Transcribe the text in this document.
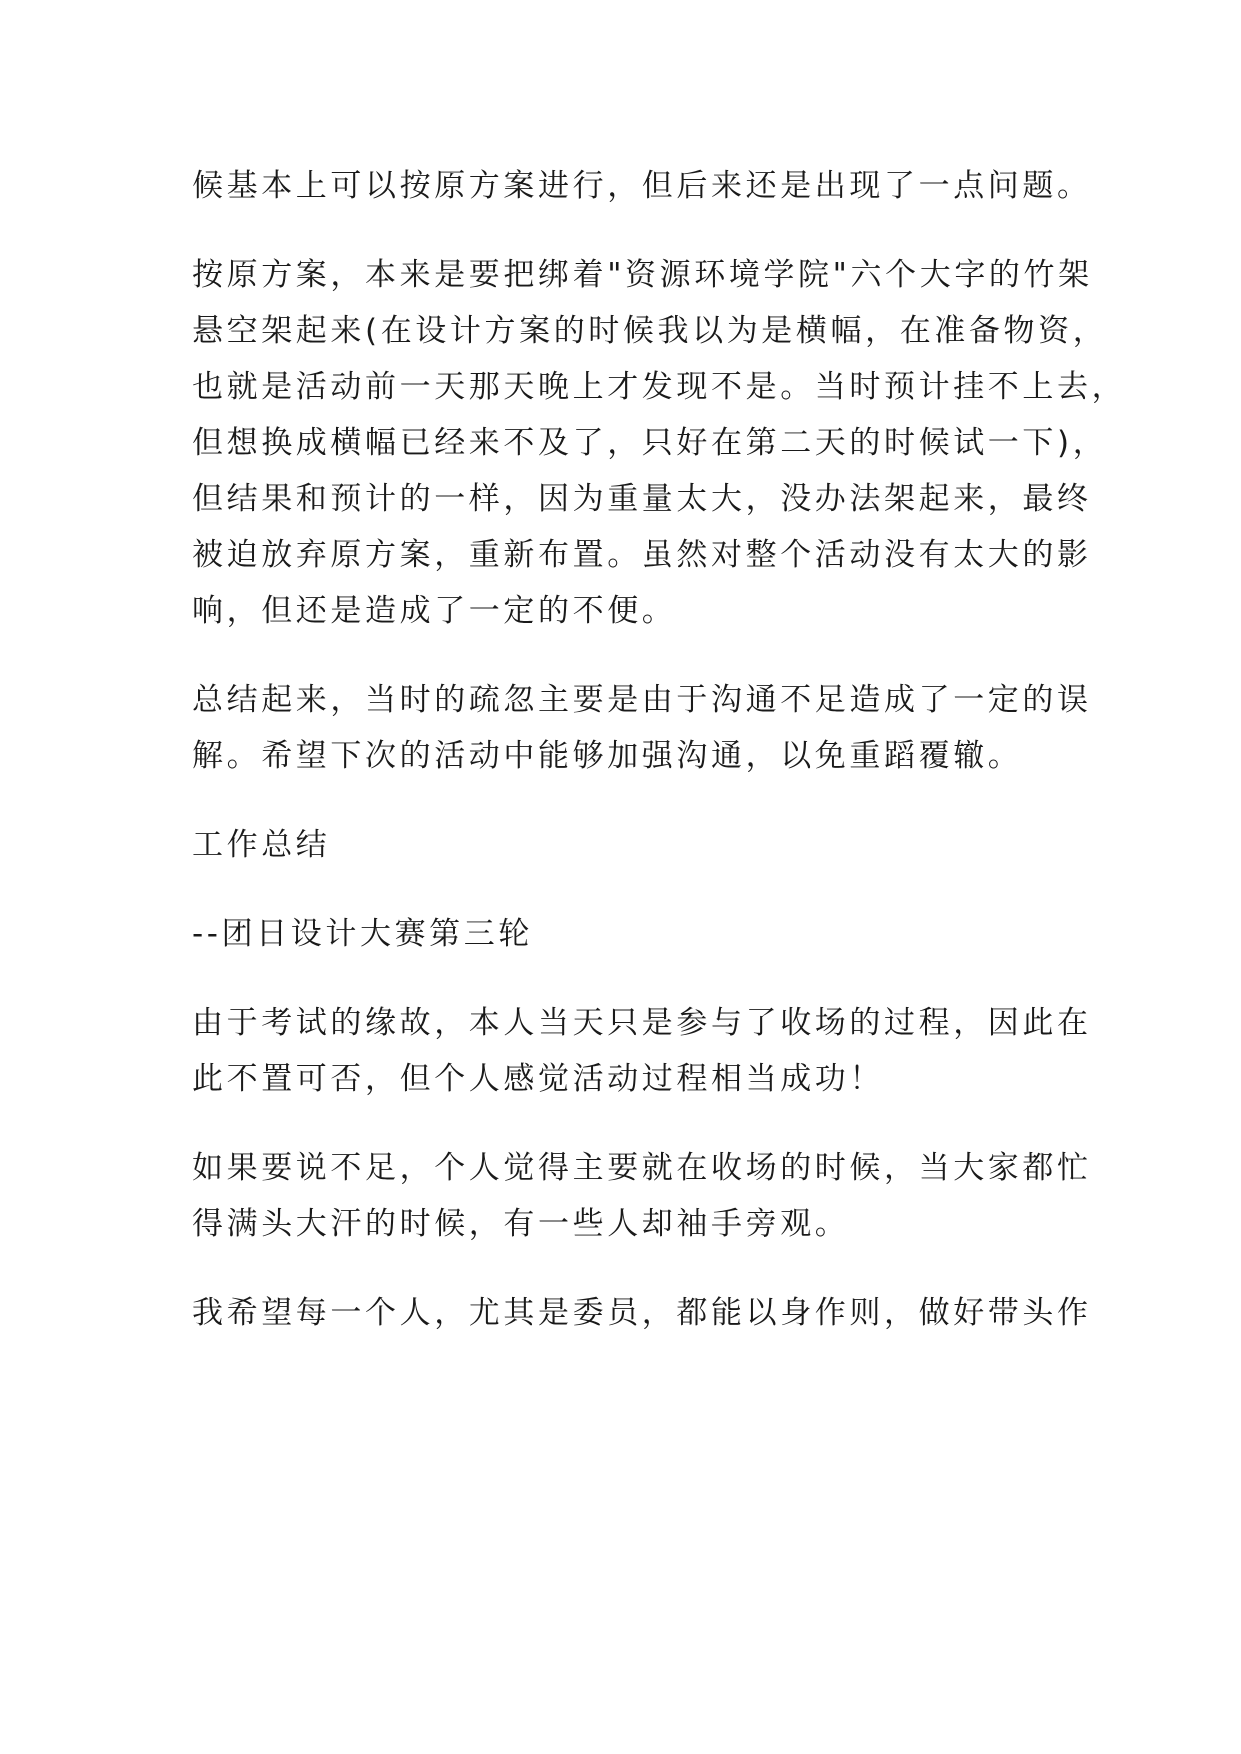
候基本上可以按原方案进行，但后来还是出现了一点问题。

按原方案，本来是要把绑着"资源环境学院"六个大字的竹架

悬空架起来(在设计方案的时候我以为是横幅，在准备物资，

也就是活动前一天那天晚上才发现不是。当时预计挂不上去，

但想换成横幅已经来不及了，只好在第二天的时候试一下)，

但结果和预计的一样，因为重量太大，没办法架起来，最终

被迫放弃原方案，重新布置。虽然对整个活动没有太大的影

响，但还是造成了一定的不便。

总结起来，当时的疏忽主要是由于沟通不足造成了一定的误

解。希望下次的活动中能够加强沟通，以免重蹈覆辙。

工作总结

--团日设计大赛第三轮

由于考试的缘故，本人当天只是参与了收场的过程，因此在

此不置可否，但个人感觉活动过程相当成功！

如果要说不足，个人觉得主要就在收场的时候，当大家都忙

得满头大汗的时候，有一些人却袖手旁观。

我希望每一个人，尤其是委员，都能以身作则，做好带头作
